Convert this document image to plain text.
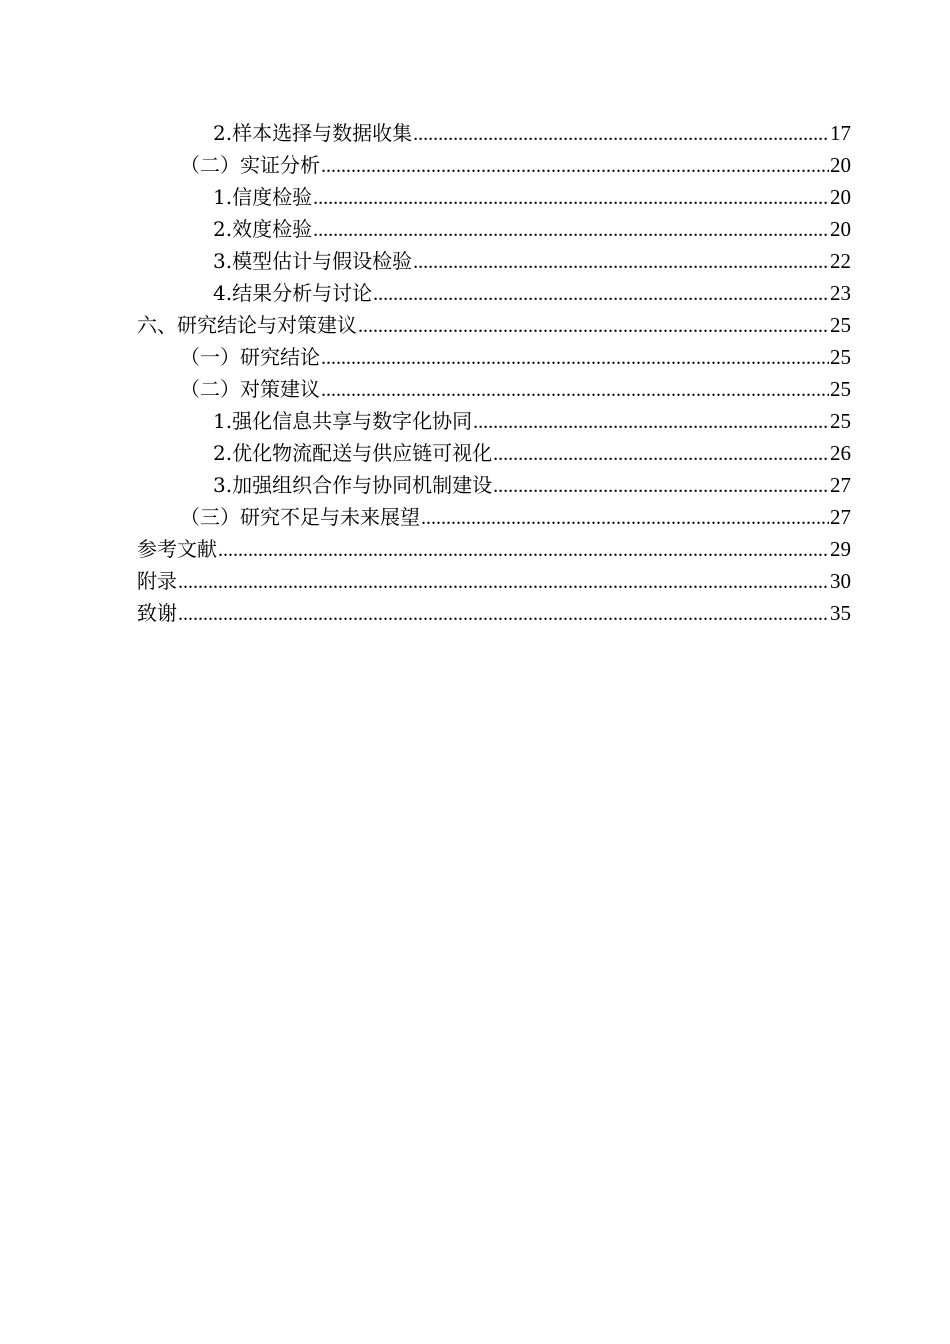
2.样本选择与数据收集 .....	17
（二）实证分析 .....	20
1.信度检验 .....	20
2.效度检验 .....	20
3.模型估计与假设检验 .....	22
4.结果分析与讨论 .....	23
六、研究结论与对策建议 .....	25
（一）研究结论 .....	25
（二）对策建议 .....	25
1.强化信息共享与数字化协同 .....	25
2.优化物流配送与供应链可视化 .....	26
3.加强组织合作与协同机制建设 .....	27
（三）研究不足与未来展望 .....	27
参考文献 .....	29
附录 .....	30
致谢 .....	35
